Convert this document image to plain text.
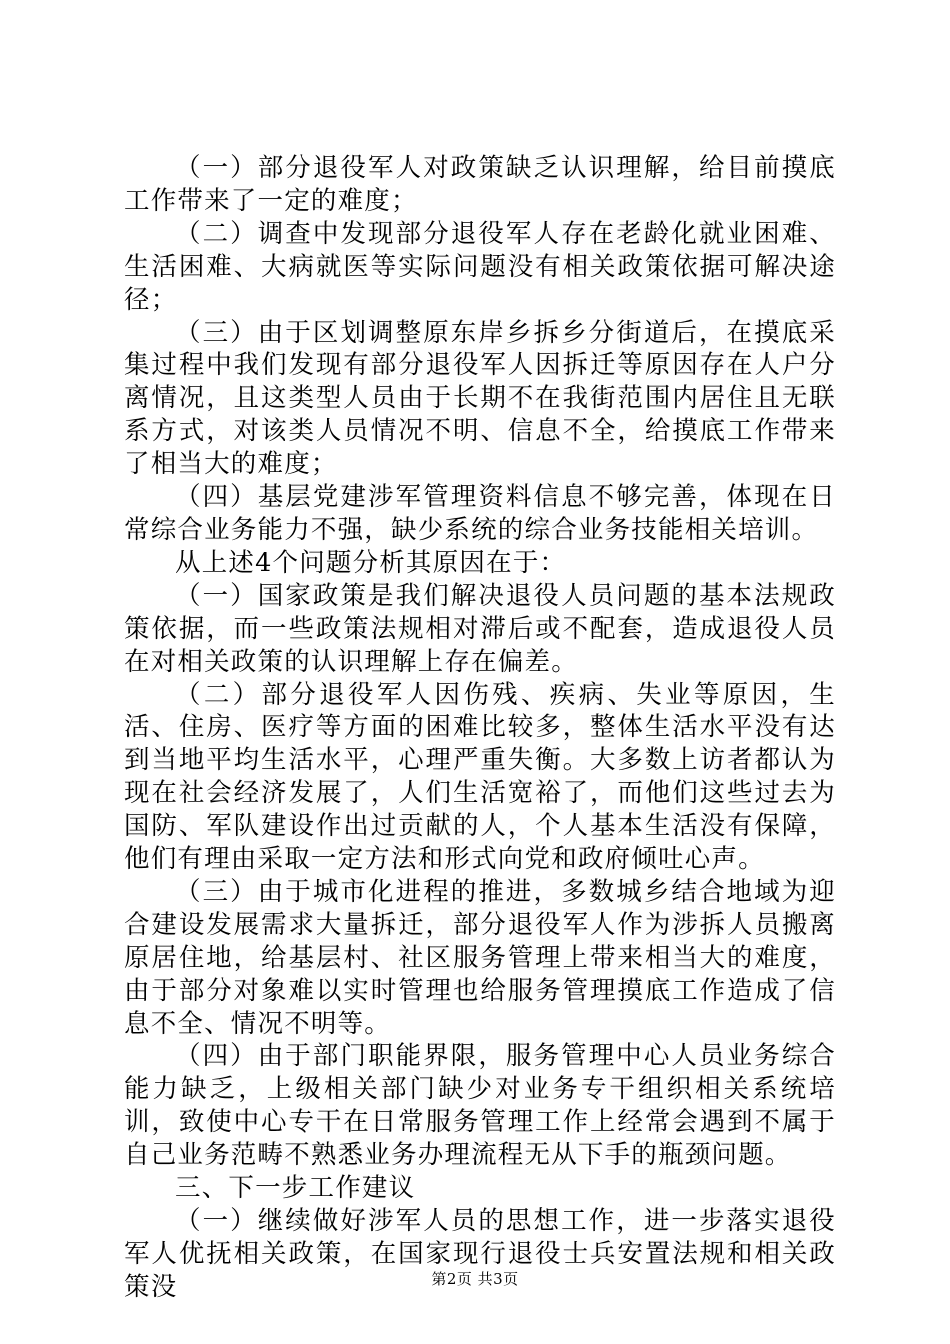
（一）部分退役军人对政策缺乏认识理解，给目前摸底工作带来了一定的难度；

（二）调查中发现部分退役军人存在老龄化就业困难、生活困难、大病就医等实际问题没有相关政策依据可解决途径；

（三）由于区划调整原东岸乡拆乡分街道后，在摸底采集过程中我们发现有部分退役军人因拆迁等原因存在人户分离情况，且这类型人员由于长期不在我街范围内居住且无联系方式，对该类人员情况不明、信息不全，给摸底工作带来了相当大的难度；

（四）基层党建涉军管理资料信息不够完善，体现在日常综合业务能力不强，缺少系统的综合业务技能相关培训。

从上述4个问题分析其原因在于：

（一）国家政策是我们解决退役人员问题的基本法规政策依据，而一些政策法规相对滞后或不配套，造成退役人员在对相关政策的认识理解上存在偏差。

（二）部分退役军人因伤残、疾病、失业等原因，生活、住房、医疗等方面的困难比较多，整体生活水平没有达到当地平均生活水平，心理严重失衡。大多数上访者都认为现在社会经济发展了，人们生活宽裕了，而他们这些过去为国防、军队建设作出过贡献的人，个人基本生活没有保障，他们有理由采取一定方法和形式向党和政府倾吐心声。

（三）由于城市化进程的推进，多数城乡结合地域为迎合建设发展需求大量拆迁，部分退役军人作为涉拆人员搬离原居住地，给基层村、社区服务管理上带来相当大的难度，由于部分对象难以实时管理也给服务管理摸底工作造成了信息不全、情况不明等。

（四）由于部门职能界限，服务管理中心人员业务综合能力缺乏，上级相关部门缺少对业务专干组织相关系统培训，致使中心专干在日常服务管理工作上经常会遇到不属于自己业务范畴不熟悉业务办理流程无从下手的瓶颈问题。

三、下一步工作建议

（一）继续做好涉军人员的思想工作，进一步落实退役军人优抚相关政策，在国家现行退役士兵安置法规和相关政策没	第2页 共3页
